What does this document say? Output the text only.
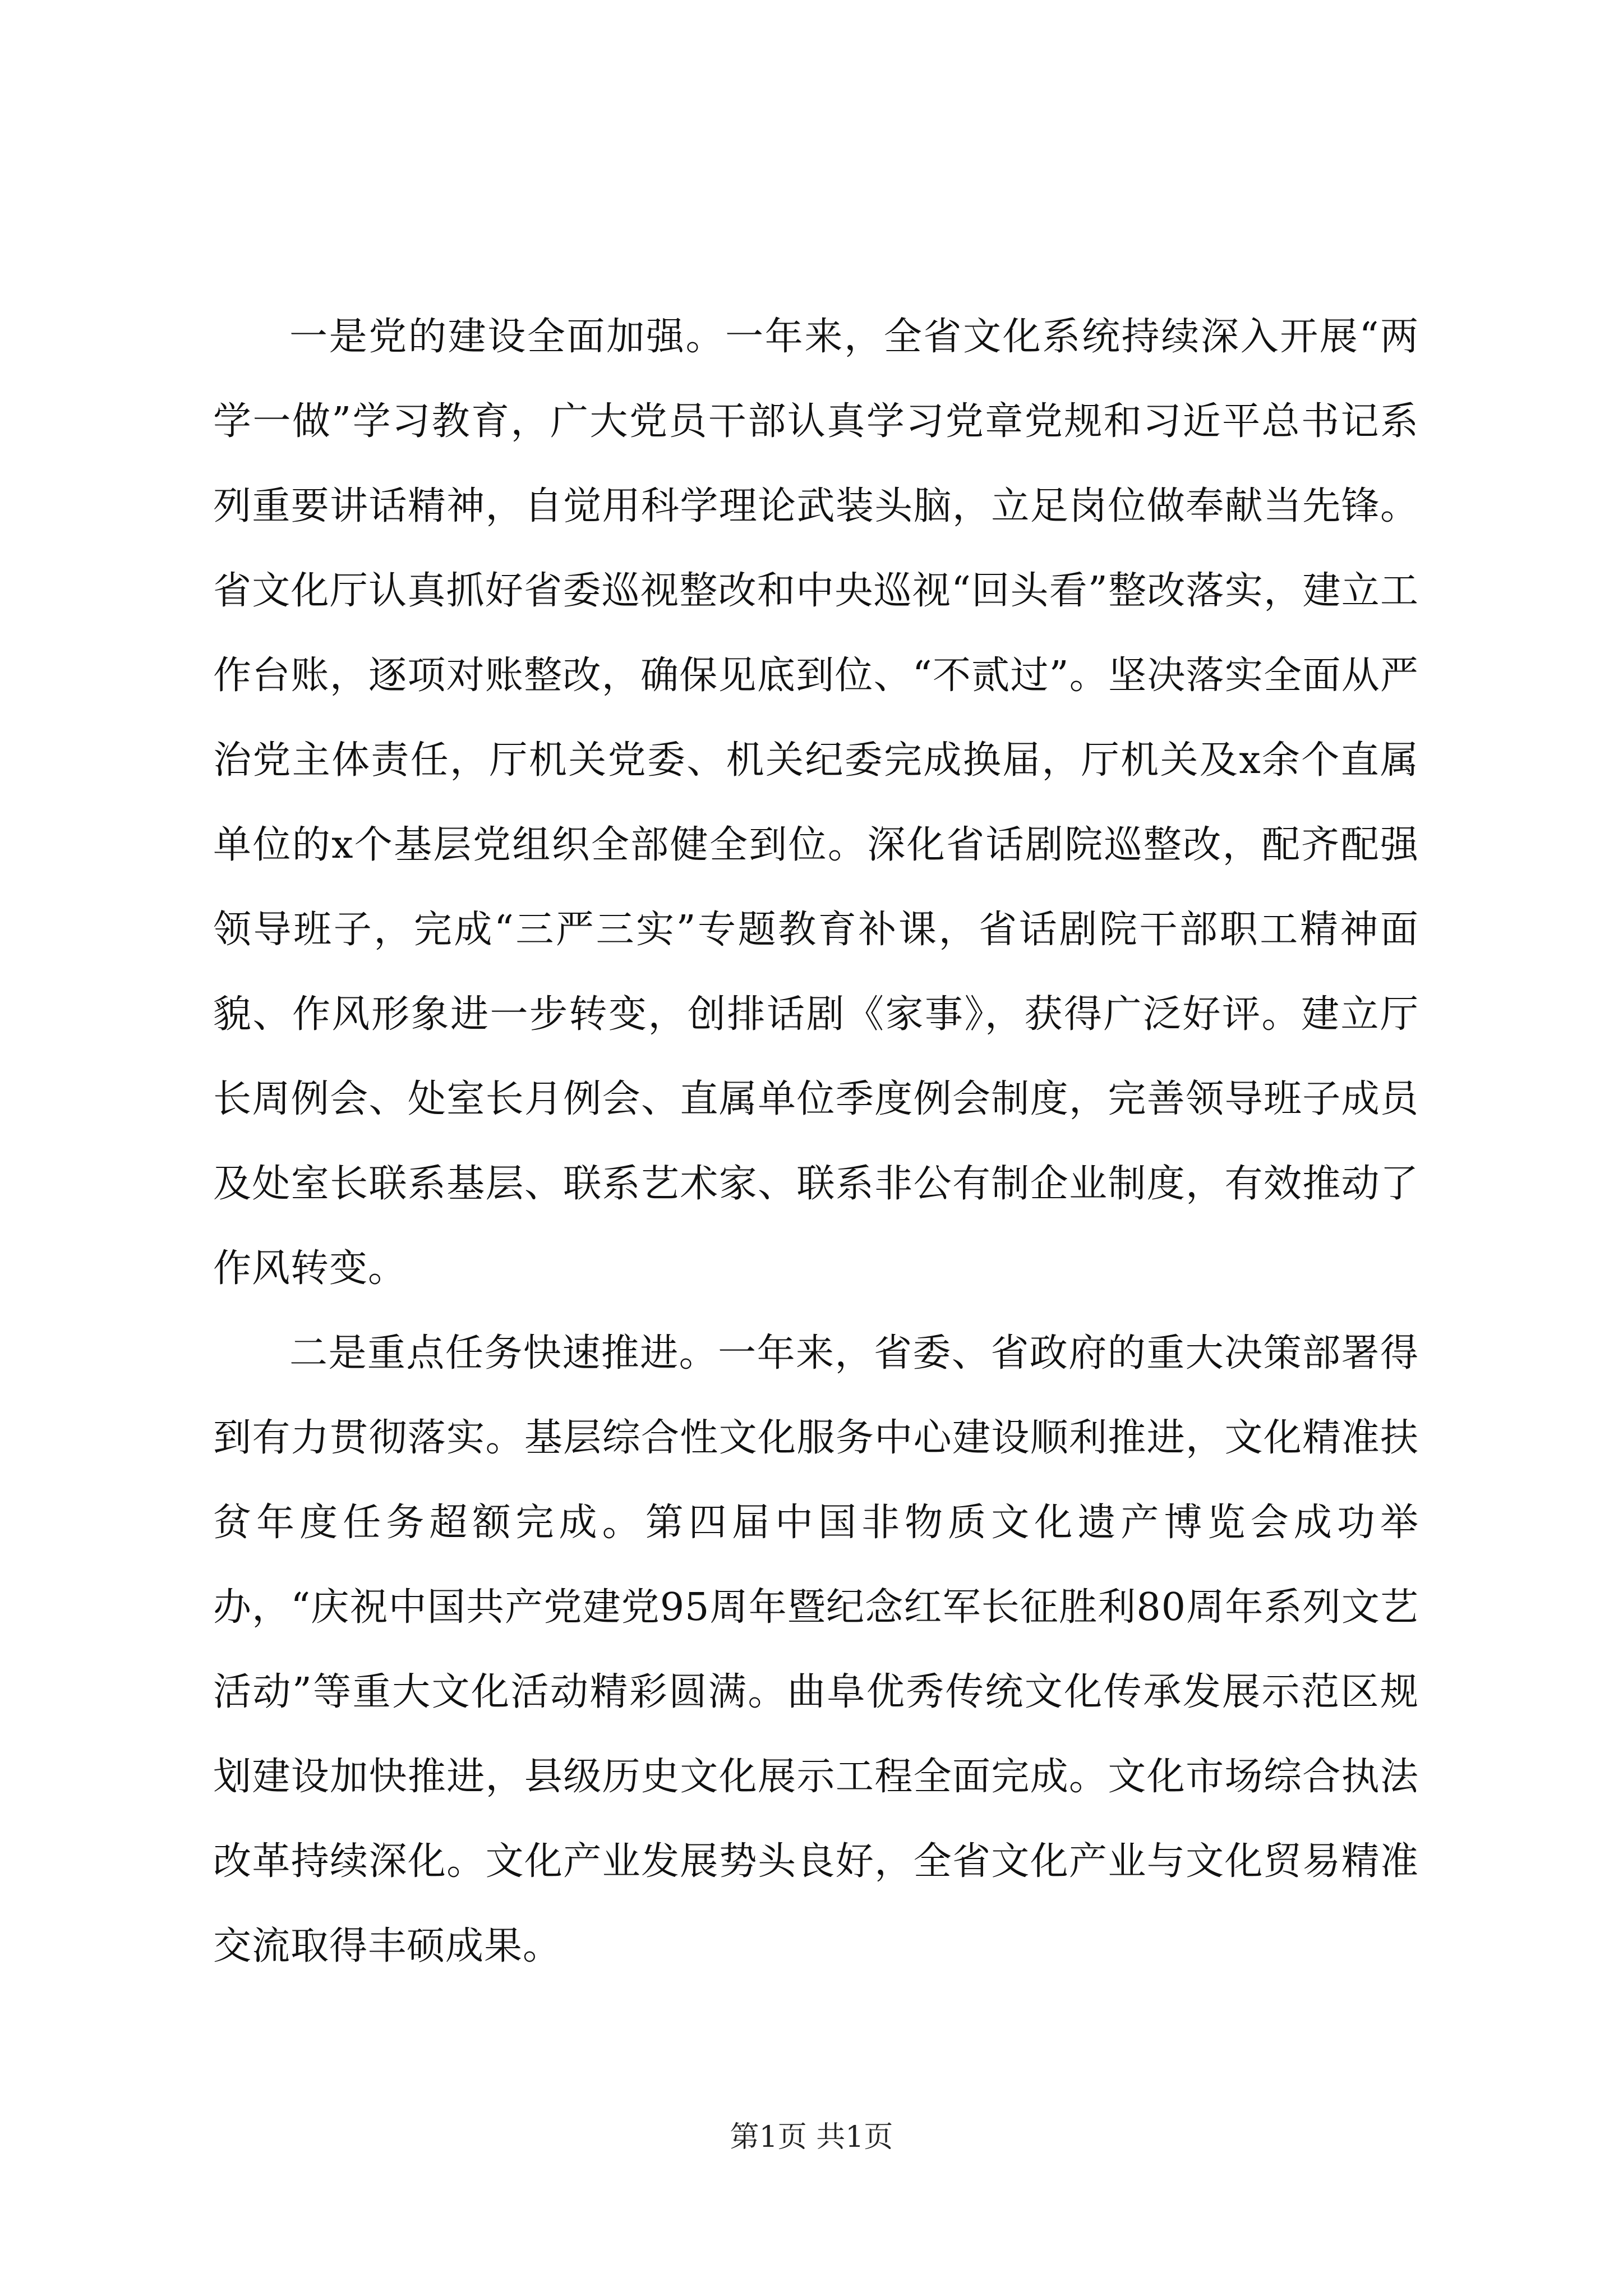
一是党的建设全面加强。一年来，全省文化系统持续深入开展“两学一做”学习教育，广大党员干部认真学习党章党规和习近平总书记系列重要讲话精神，自觉用科学理论武装头脑，立足岗位做奉献当先锋。省文化厅认真抓好省委巡视整改和中央巡视“回头看”整改落实，建立工作台账，逐项对账整改，确保见底到位、“不贰过”。坚决落实全面从严治党主体责任，厅机关党委、机关纪委完成换届，厅机关及x余个直属单位的x个基层党组织全部健全到位。深化省话剧院巡整改，配齐配强领导班子，完成“三严三实”专题教育补课，省话剧院干部职工精神面貌、作风形象进一步转变，创排话剧《家事》，获得广泛好评。建立厅长周例会、处室长月例会、直属单位季度例会制度，完善领导班子成员及处室长联系基层、联系艺术家、联系非公有制企业制度，有效推动了作风转变。

二是重点任务快速推进。一年来，省委、省政府的重大决策部署得到有力贯彻落实。基层综合性文化服务中心建设顺利推进，文化精准扶贫年度任务超额完成。第四届中国非物质文化遗产博览会成功举办，“庆祝中国共产党建党95周年暨纪念红军长征胜利80周年系列文艺活动”等重大文化活动精彩圆满。曲阜优秀传统文化传承发展示范区规划建设加快推进，县级历史文化展示工程全面完成。文化市场综合执法改革持续深化。文化产业发展势头良好，全省文化产业与文化贸易精准交流取得丰硕成果。

第1页 共1页
